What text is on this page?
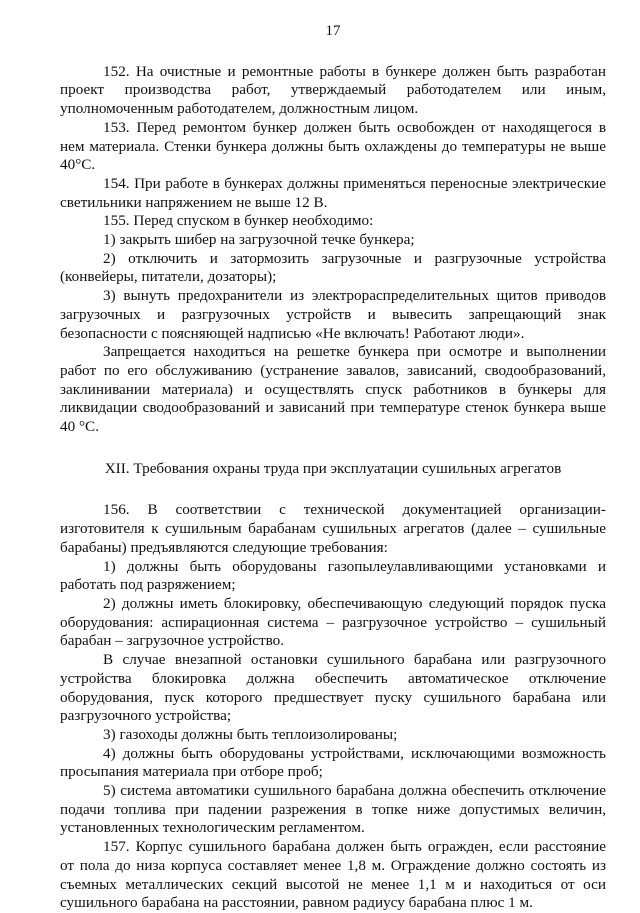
17

152. На очистные и ремонтные работы в бункере должен быть разработан проект производства работ, утверждаемый работодателем или иным, уполномоченным работодателем, должностным лицом.

153. Перед ремонтом бункер должен быть освобожден от находящегося в нем материала. Стенки бункера должны быть охлаждены до температуры не выше 40°С.

154. При работе в бункерах должны применяться переносные электрические светильники напряжением не выше 12 В.

155. Перед спуском в бункер необходимо:

1) закрыть шибер на загрузочной течке бункера;

2) отключить и затормозить загрузочные и разгрузочные устройства (конвейеры, питатели, дозаторы);

3) вынуть предохранители из электрораспределительных щитов приводов загрузочных и разгрузочных устройств и вывесить запрещающий знак безопасности с поясняющей надписью «Не включать! Работают люди».

Запрещается находиться на решетке бункера при осмотре и выполнении работ по его обслуживанию (устранение завалов, зависаний, сводообразований, заклинивании материала) и осуществлять спуск работников в бункеры для ликвидации сводообразований и зависаний при температуре стенок бункера выше 40 °С.

XII. Требования охраны труда при эксплуатации сушильных агрегатов

156. В соответствии с технической документацией организации-изготовителя к сушильным барабанам сушильных агрегатов (далее – сушильные барабаны) предъявляются следующие требования:

1) должны быть оборудованы газопылеулавливающими установками и работать под разряжением;

2) должны иметь блокировку, обеспечивающую следующий порядок пуска оборудования: аспирационная система – разгрузочное устройство – сушильный барабан – загрузочное устройство.

В случае внезапной остановки сушильного барабана или разгрузочного устройства блокировка должна обеспечить автоматическое отключение оборудования, пуск которого предшествует пуску сушильного барабана или разгрузочного устройства;

3) газоходы должны быть теплоизолированы;

4) должны быть оборудованы устройствами, исключающими возможность просыпания материала при отборе проб;

5) система автоматики сушильного барабана должна обеспечить отключение подачи топлива при падении разрежения в топке ниже допустимых величин, установленных технологическим регламентом.

157. Корпус сушильного барабана должен быть огражден, если расстояние от пола до низа корпуса составляет менее 1,8 м. Ограждение должно состоять из съемных металлических секций высотой не менее 1,1 м и находиться от оси сушильного барабана на расстоянии, равном радиусу барабана плюс 1 м.
